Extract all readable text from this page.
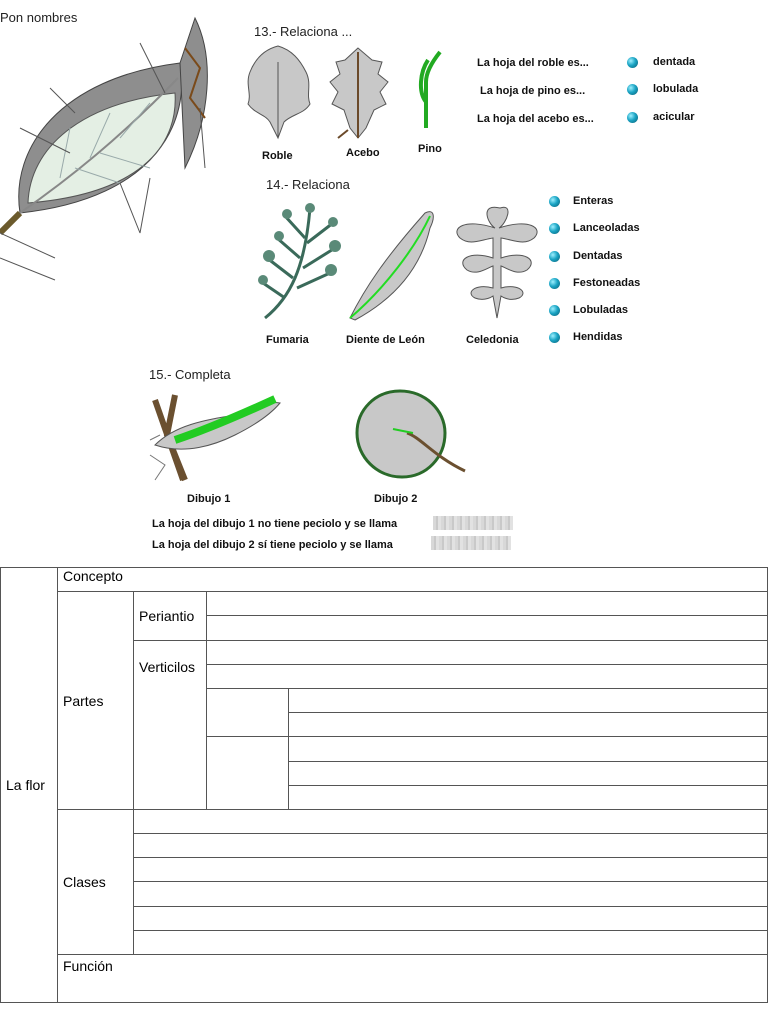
Pon nombres
13.- Relaciona ...
Roble	Acebo	Pino
La hoja del roble es...
La hoja de pino es...
La hoja del acebo es...
dentada
lobulada
acicular
14.- Relaciona
Fumaria	Diente de León	Celedonia
Enteras
Lanceoladas
Dentadas
Festoneadas
Lobuladas
Hendidas
15.- Completa
Dibujo 1	Dibujo 2
La hoja del dibujo 1 no tiene peciolo y se llama
La hoja del dibujo 2 sí tiene peciolo y se llama
La flor	Concepto			
	Partes	Periantio		

		Verticilos		

	Clases			

	Función			
